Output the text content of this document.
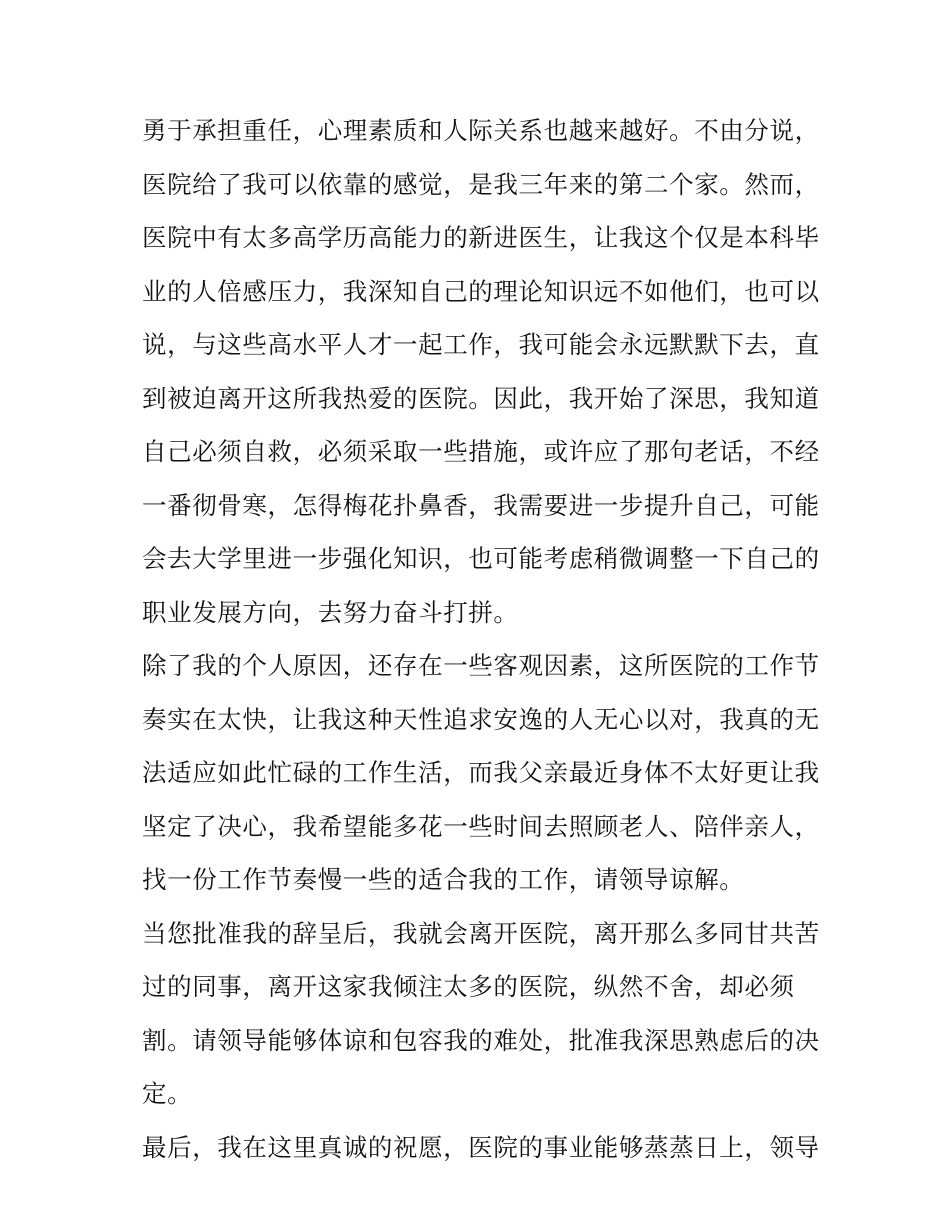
勇于承担重任，心理素质和人际关系也越来越好。不由分说，
医院给了我可以依靠的感觉，是我三年来的第二个家。然而，
医院中有太多高学历高能力的新进医生，让我这个仅是本科毕
业的人倍感压力，我深知自己的理论知识远不如他们，也可以
说，与这些高水平人才一起工作，我可能会永远默默下去，直
到被迫离开这所我热爱的医院。因此，我开始了深思，我知道
自己必须自救，必须采取一些措施，或许应了那句老话，不经
一番彻骨寒，怎得梅花扑鼻香，我需要进一步提升自己，可能
会去大学里进一步强化知识，也可能考虑稍微调整一下自己的
职业发展方向，去努力奋斗打拼。
除了我的个人原因，还存在一些客观因素，这所医院的工作节
奏实在太快，让我这种天性追求安逸的人无心以对，我真的无
法适应如此忙碌的工作生活，而我父亲最近身体不太好更让我
坚定了决心，我希望能多花一些时间去照顾老人、陪伴亲人，
找一份工作节奏慢一些的适合我的工作，请领导谅解。
当您批准我的辞呈后，我就会离开医院，离开那么多同甘共苦
过的同事，离开这家我倾注太多的医院，纵然不舍，却必须
割。请领导能够体谅和包容我的难处，批准我深思熟虑后的决
定。
最后，我在这里真诚的祝愿，医院的事业能够蒸蒸日上，领导
